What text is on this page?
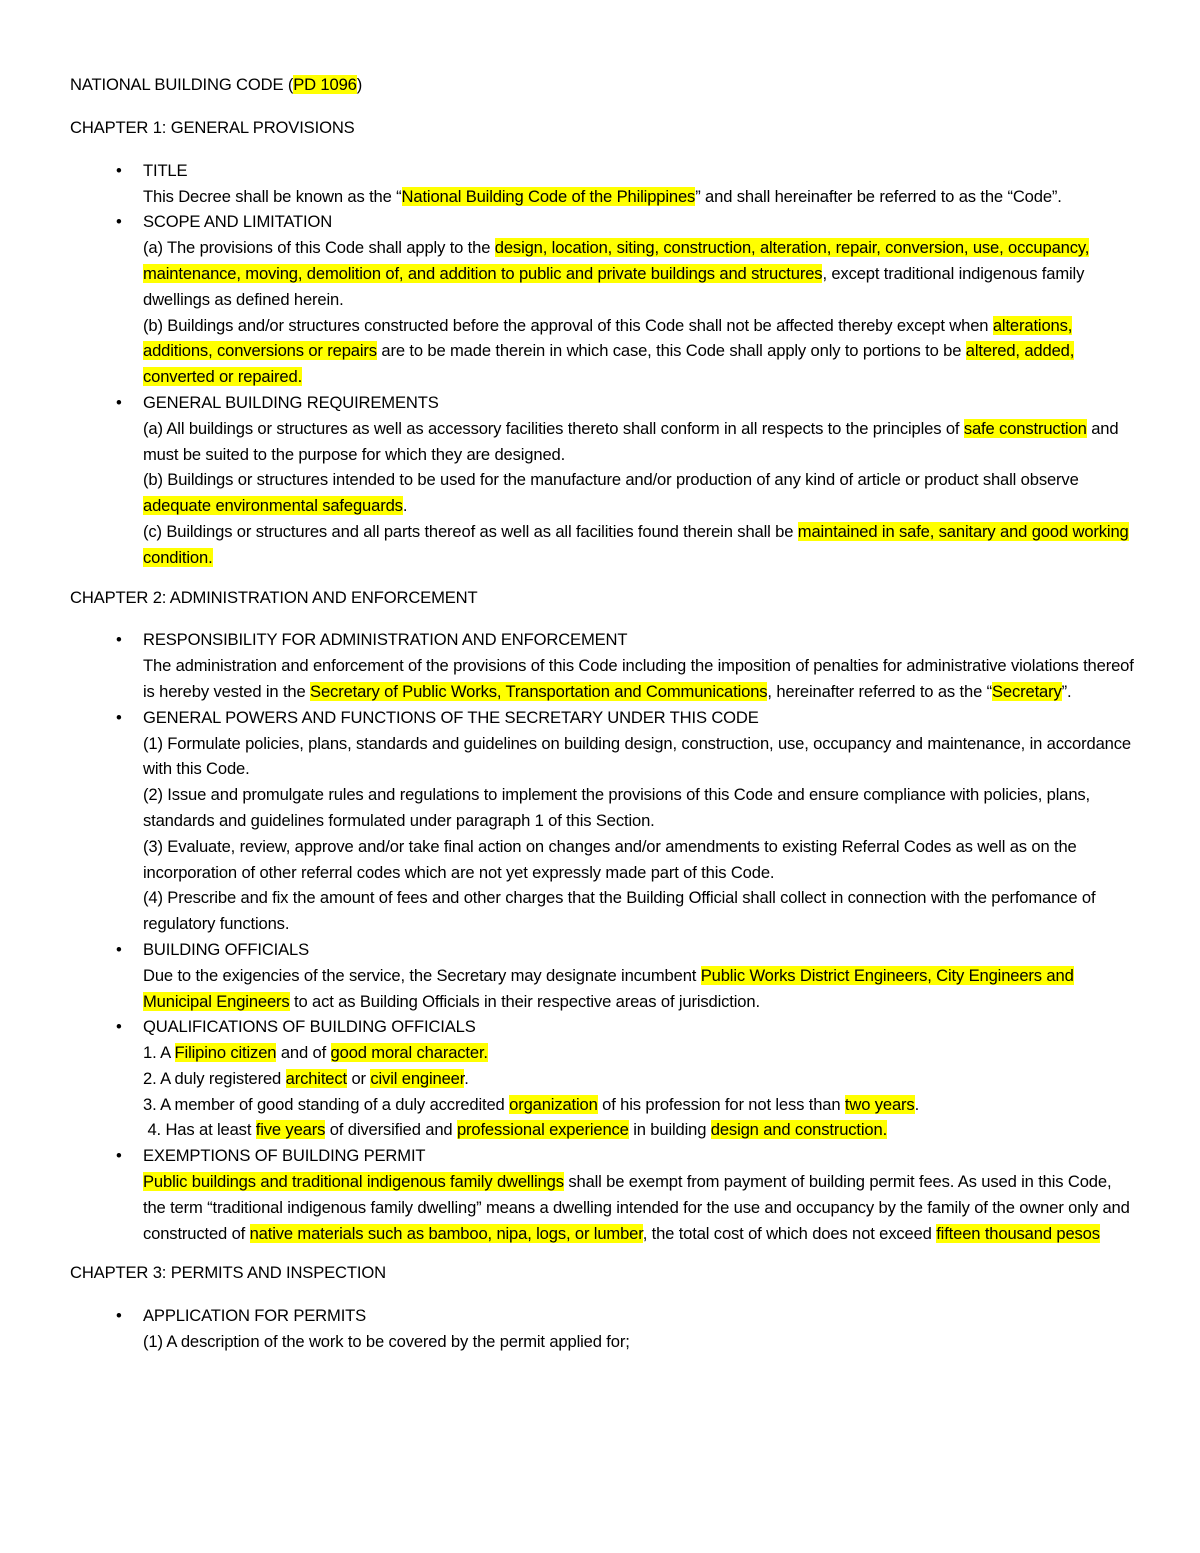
NATIONAL BUILDING CODE (PD 1096)

CHAPTER 1: GENERAL PROVISIONS

• TITLE
This Decree shall be known as the “National Building Code of the Philippines” and shall hereinafter be referred to as the “Code”.
• SCOPE AND LIMITATION
(a) The provisions of this Code shall apply to the design, location, siting, construction, alteration, repair, conversion, use, occupancy, maintenance, moving, demolition of, and addition to public and private buildings and structures, except traditional indigenous family dwellings as defined herein.
(b) Buildings and/or structures constructed before the approval of this Code shall not be affected thereby except when alterations, additions, conversions or repairs are to be made therein in which case, this Code shall apply only to portions to be altered, added, converted or repaired.
• GENERAL BUILDING REQUIREMENTS
(a) All buildings or structures as well as accessory facilities thereto shall conform in all respects to the principles of safe construction and must be suited to the purpose for which they are designed.
(b) Buildings or structures intended to be used for the manufacture and/or production of any kind of article or product shall observe adequate environmental safeguards.
(c) Buildings or structures and all parts thereof as well as all facilities found therein shall be maintained in safe, sanitary and good working condition.

CHAPTER 2: ADMINISTRATION AND ENFORCEMENT

• RESPONSIBILITY FOR ADMINISTRATION AND ENFORCEMENT
The administration and enforcement of the provisions of this Code including the imposition of penalties for administrative violations thereof is hereby vested in the Secretary of Public Works, Transportation and Communications, hereinafter referred to as the “Secretary”.
• GENERAL POWERS AND FUNCTIONS OF THE SECRETARY UNDER THIS CODE
(1) Formulate policies, plans, standards and guidelines on building design, construction, use, occupancy and maintenance, in accordance with this Code.
(2) Issue and promulgate rules and regulations to implement the provisions of this Code and ensure compliance with policies, plans, standards and guidelines formulated under paragraph 1 of this Section.
(3) Evaluate, review, approve and/or take final action on changes and/or amendments to existing Referral Codes as well as on the incorporation of other referral codes which are not yet expressly made part of this Code.
(4) Prescribe and fix the amount of fees and other charges that the Building Official shall collect in connection with the perfomance of regulatory functions.
• BUILDING OFFICIALS
Due to the exigencies of the service, the Secretary may designate incumbent Public Works District Engineers, City Engineers and Municipal Engineers to act as Building Officials in their respective areas of jurisdiction.
• QUALIFICATIONS OF BUILDING OFFICIALS
1. A Filipino citizen and of good moral character.
2. A duly registered architect or civil engineer.
3. A member of good standing of a duly accredited organization of his profession for not less than two years.
4. Has at least five years of diversified and professional experience in building design and construction.
• EXEMPTIONS OF BUILDING PERMIT
Public buildings and traditional indigenous family dwellings shall be exempt from payment of building permit fees. As used in this Code, the term “traditional indigenous family dwelling” means a dwelling intended for the use and occupancy by the family of the owner only and constructed of native materials such as bamboo, nipa, logs, or lumber, the total cost of which does not exceed fifteen thousand pesos

CHAPTER 3: PERMITS AND INSPECTION

• APPLICATION FOR PERMITS
(1) A description of the work to be covered by the permit applied for;
